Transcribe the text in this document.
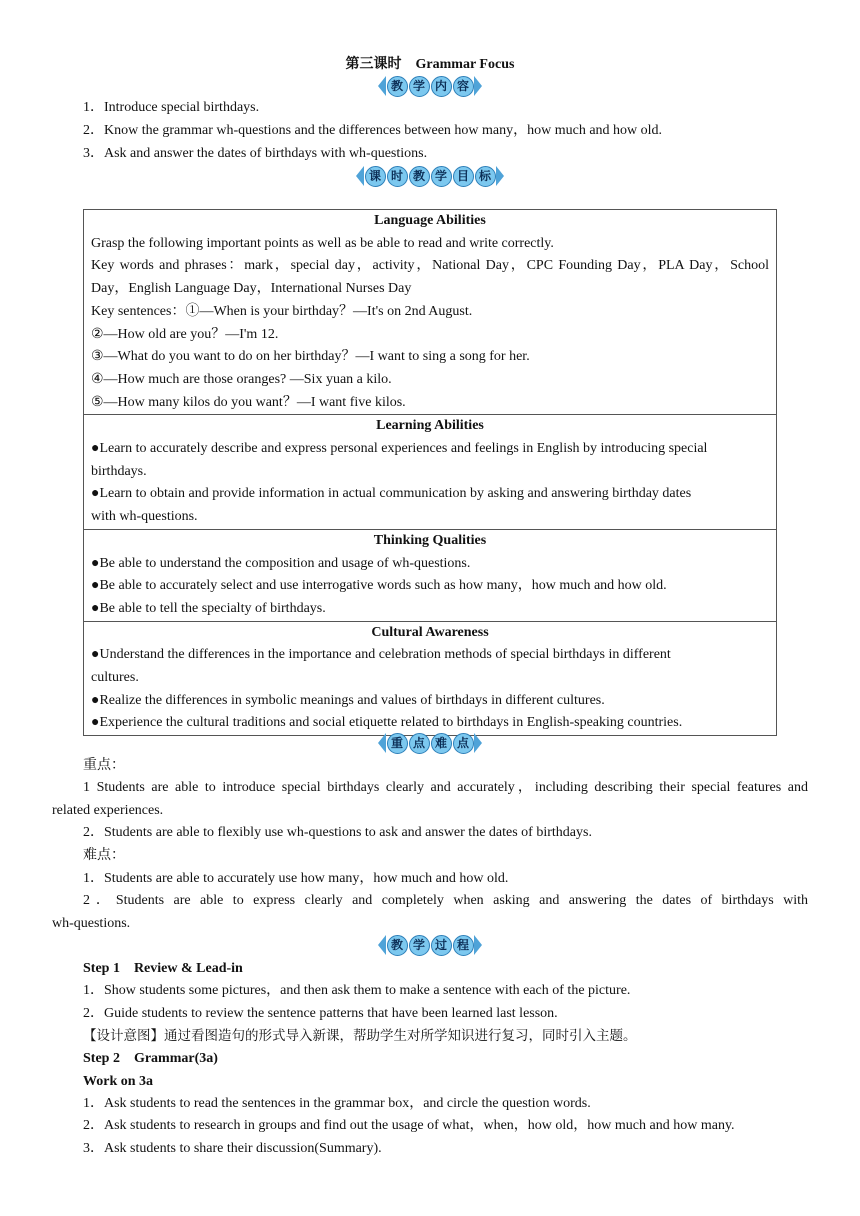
第三课时　Grammar Focus
教 学 内 容
1．Introduce special birthdays.
2．Know the grammar wh-questions and the differences between how many，how much and how old.
3．Ask and answer the dates of birthdays with wh-questions.
课 时 教 学 目 标
Language Abilities
Grasp the following important points as well as be able to read and write correctly.
Key words and phrases：mark，special day，activity，National Day，CPC Founding Day，PLA Day，School
Day，English Language Day，International Nurses Day
Key sentences：①—When is your birthday？—It's on 2nd August.
②—How old are you？—I'm 12.
③—What do you want to do on her birthday？—I want to sing a song for her.
④—How much are those oranges? —Six yuan a kilo.
⑤—How many kilos do you want？—I want five kilos.

Learning Abilities
●Learn to accurately describe and express personal experiences and feelings in English by introducing special
birthdays.
●Learn to obtain and provide information in actual communication by asking and answering birthday dates
with wh-questions.

Thinking Qualities
●Be able to understand the composition and usage of wh-questions.
●Be able to accurately select and use interrogative words such as how many，how much and how old.
●Be able to tell the specialty of birthdays.

Cultural Awareness
●Understand the differences in the importance and celebration methods of special birthdays in different
cultures.
●Realize the differences in symbolic meanings and values of birthdays in different cultures.
●Experience the cultural traditions and social etiquette related to birthdays in English-speaking countries.
重 点 难 点
重点：
1 Students are able to introduce special birthdays clearly and accurately，including describing their special features and
related experiences.
2．Students are able to flexibly use wh-questions to ask and answer the dates of birthdays.
难点：
1．Students are able to accurately use how many，how much and how old.
2．Students are able to express clearly and completely when asking and answering the dates of birthdays with
wh-questions.
教 学 过 程
Step 1　Review & Lead-in
1．Show students some pictures，and then ask them to make a sentence with each of the picture.
2．Guide students to review the sentence patterns that have been learned last lesson.
【设计意图】通过看图造句的形式导入新课，帮助学生对所学知识进行复习，同时引入主题。
Step 2　Grammar(3a)
Work on 3a
1．Ask students to read the sentences in the grammar box，and circle the question words.
2．Ask students to research in groups and find out the usage of what，when，how old，how much and how many.
3．Ask students to share their discussion(Summary).
